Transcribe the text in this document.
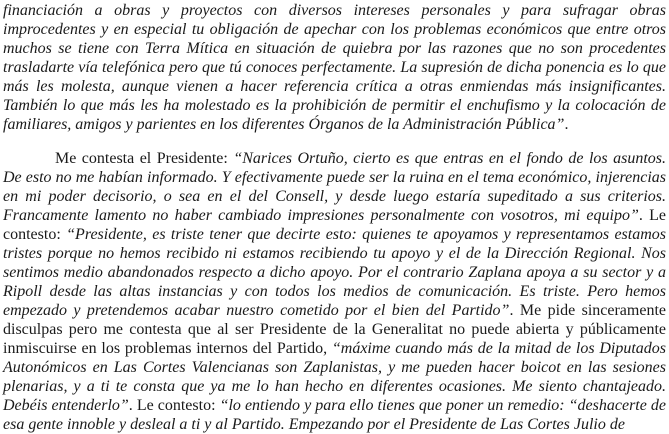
financiación a obras y proyectos con diversos intereses personales y para sufragar obras improcedentes y en especial tu obligación de apechar con los problemas económicos que entre otros muchos se tiene con Terra Mítica en situación de quiebra por las razones que no son procedentes trasladarte vía telefónica pero que tú conoces perfectamente. La supresión de dicha ponencia es lo que más les molesta, aunque vienen a hacer referencia crítica a otras enmiendas más insignificantes. También lo que más les ha molestado es la prohibición de permitir el enchufismo y la colocación de familiares, amigos y parientes en los diferentes Órganos de la Administración Pública”.

Me contesta el Presidente: “Narices Ortuño, cierto es que entras en el fondo de los asuntos. De esto no me habían informado. Y efectivamente puede ser la ruina en el tema económico, injerencias en mi poder decisorio, o sea en el del Consell, y desde luego estaría supeditado a sus criterios. Francamente lamento no haber cambiado impresiones personalmente con vosotros, mi equipo”. Le contesto: “Presidente, es triste tener que decirte esto: quienes te apoyamos y representamos estamos tristes porque no hemos recibido ni estamos recibiendo tu apoyo y el de la Dirección Regional. Nos sentimos medio abandonados respecto a dicho apoyo. Por el contrario Zaplana apoya a su sector y a Ripoll desde las altas instancias y con todos los medios de comunicación. Es triste. Pero hemos empezado y pretendemos acabar nuestro cometido por el bien del Partido”. Me pide sinceramente disculpas pero me contesta que al ser Presidente de la Generalitat no puede abierta y públicamente inmiscuirse en los problemas internos del Partido, “máxime cuando más de la mitad de los Diputados Autonómicos en Las Cortes Valencianas son Zaplanistas, y me pueden hacer boicot en las sesiones plenarias, y a ti te consta que ya me lo han hecho en diferentes ocasiones. Me siento chantajeado. Debéis entenderlo”. Le contesto: “lo entiendo y para ello tienes que poner un remedio: “deshacerte de esa gente innoble y desleal a ti y al Partido. Empezando por el Presidente de Las Cortes Julio de
